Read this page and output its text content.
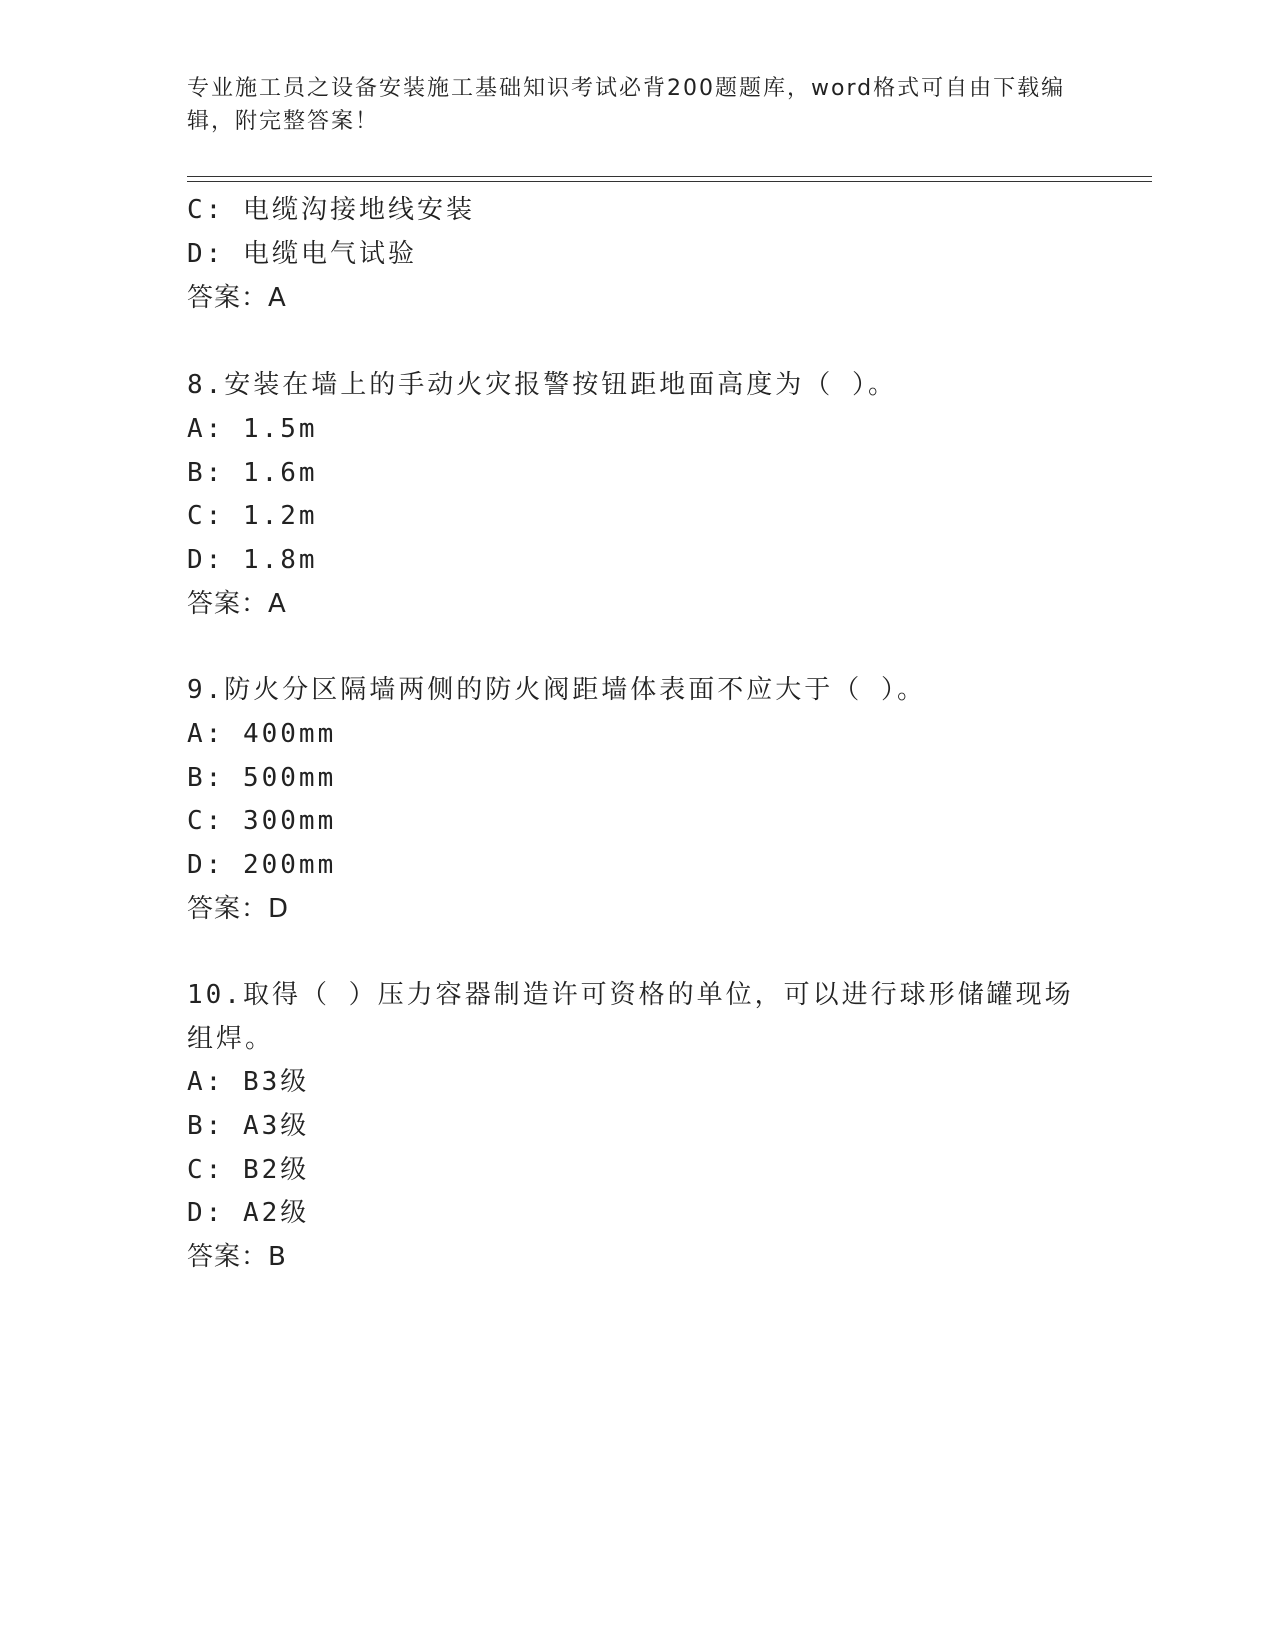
专业施工员之设备安装施工基础知识考试必背200题题库，word格式可自由下载编辑，附完整答案！
C: 电缆沟接地线安装
D: 电缆电气试验
答案：A
8.安装在墙上的手动火灾报警按钮距地面高度为（ ）。
A: 1.5m
B: 1.6m
C: 1.2m
D: 1.8m
答案：A
9.防火分区隔墙两侧的防火阀距墙体表面不应大于（ ）。
A: 400mm
B: 500mm
C: 300mm
D: 200mm
答案：D
10.取得（ ）压力容器制造许可资格的单位，可以进行球形储罐现场
组焊。
A: B3级
B: A3级
C: B2级
D: A2级
答案：B
